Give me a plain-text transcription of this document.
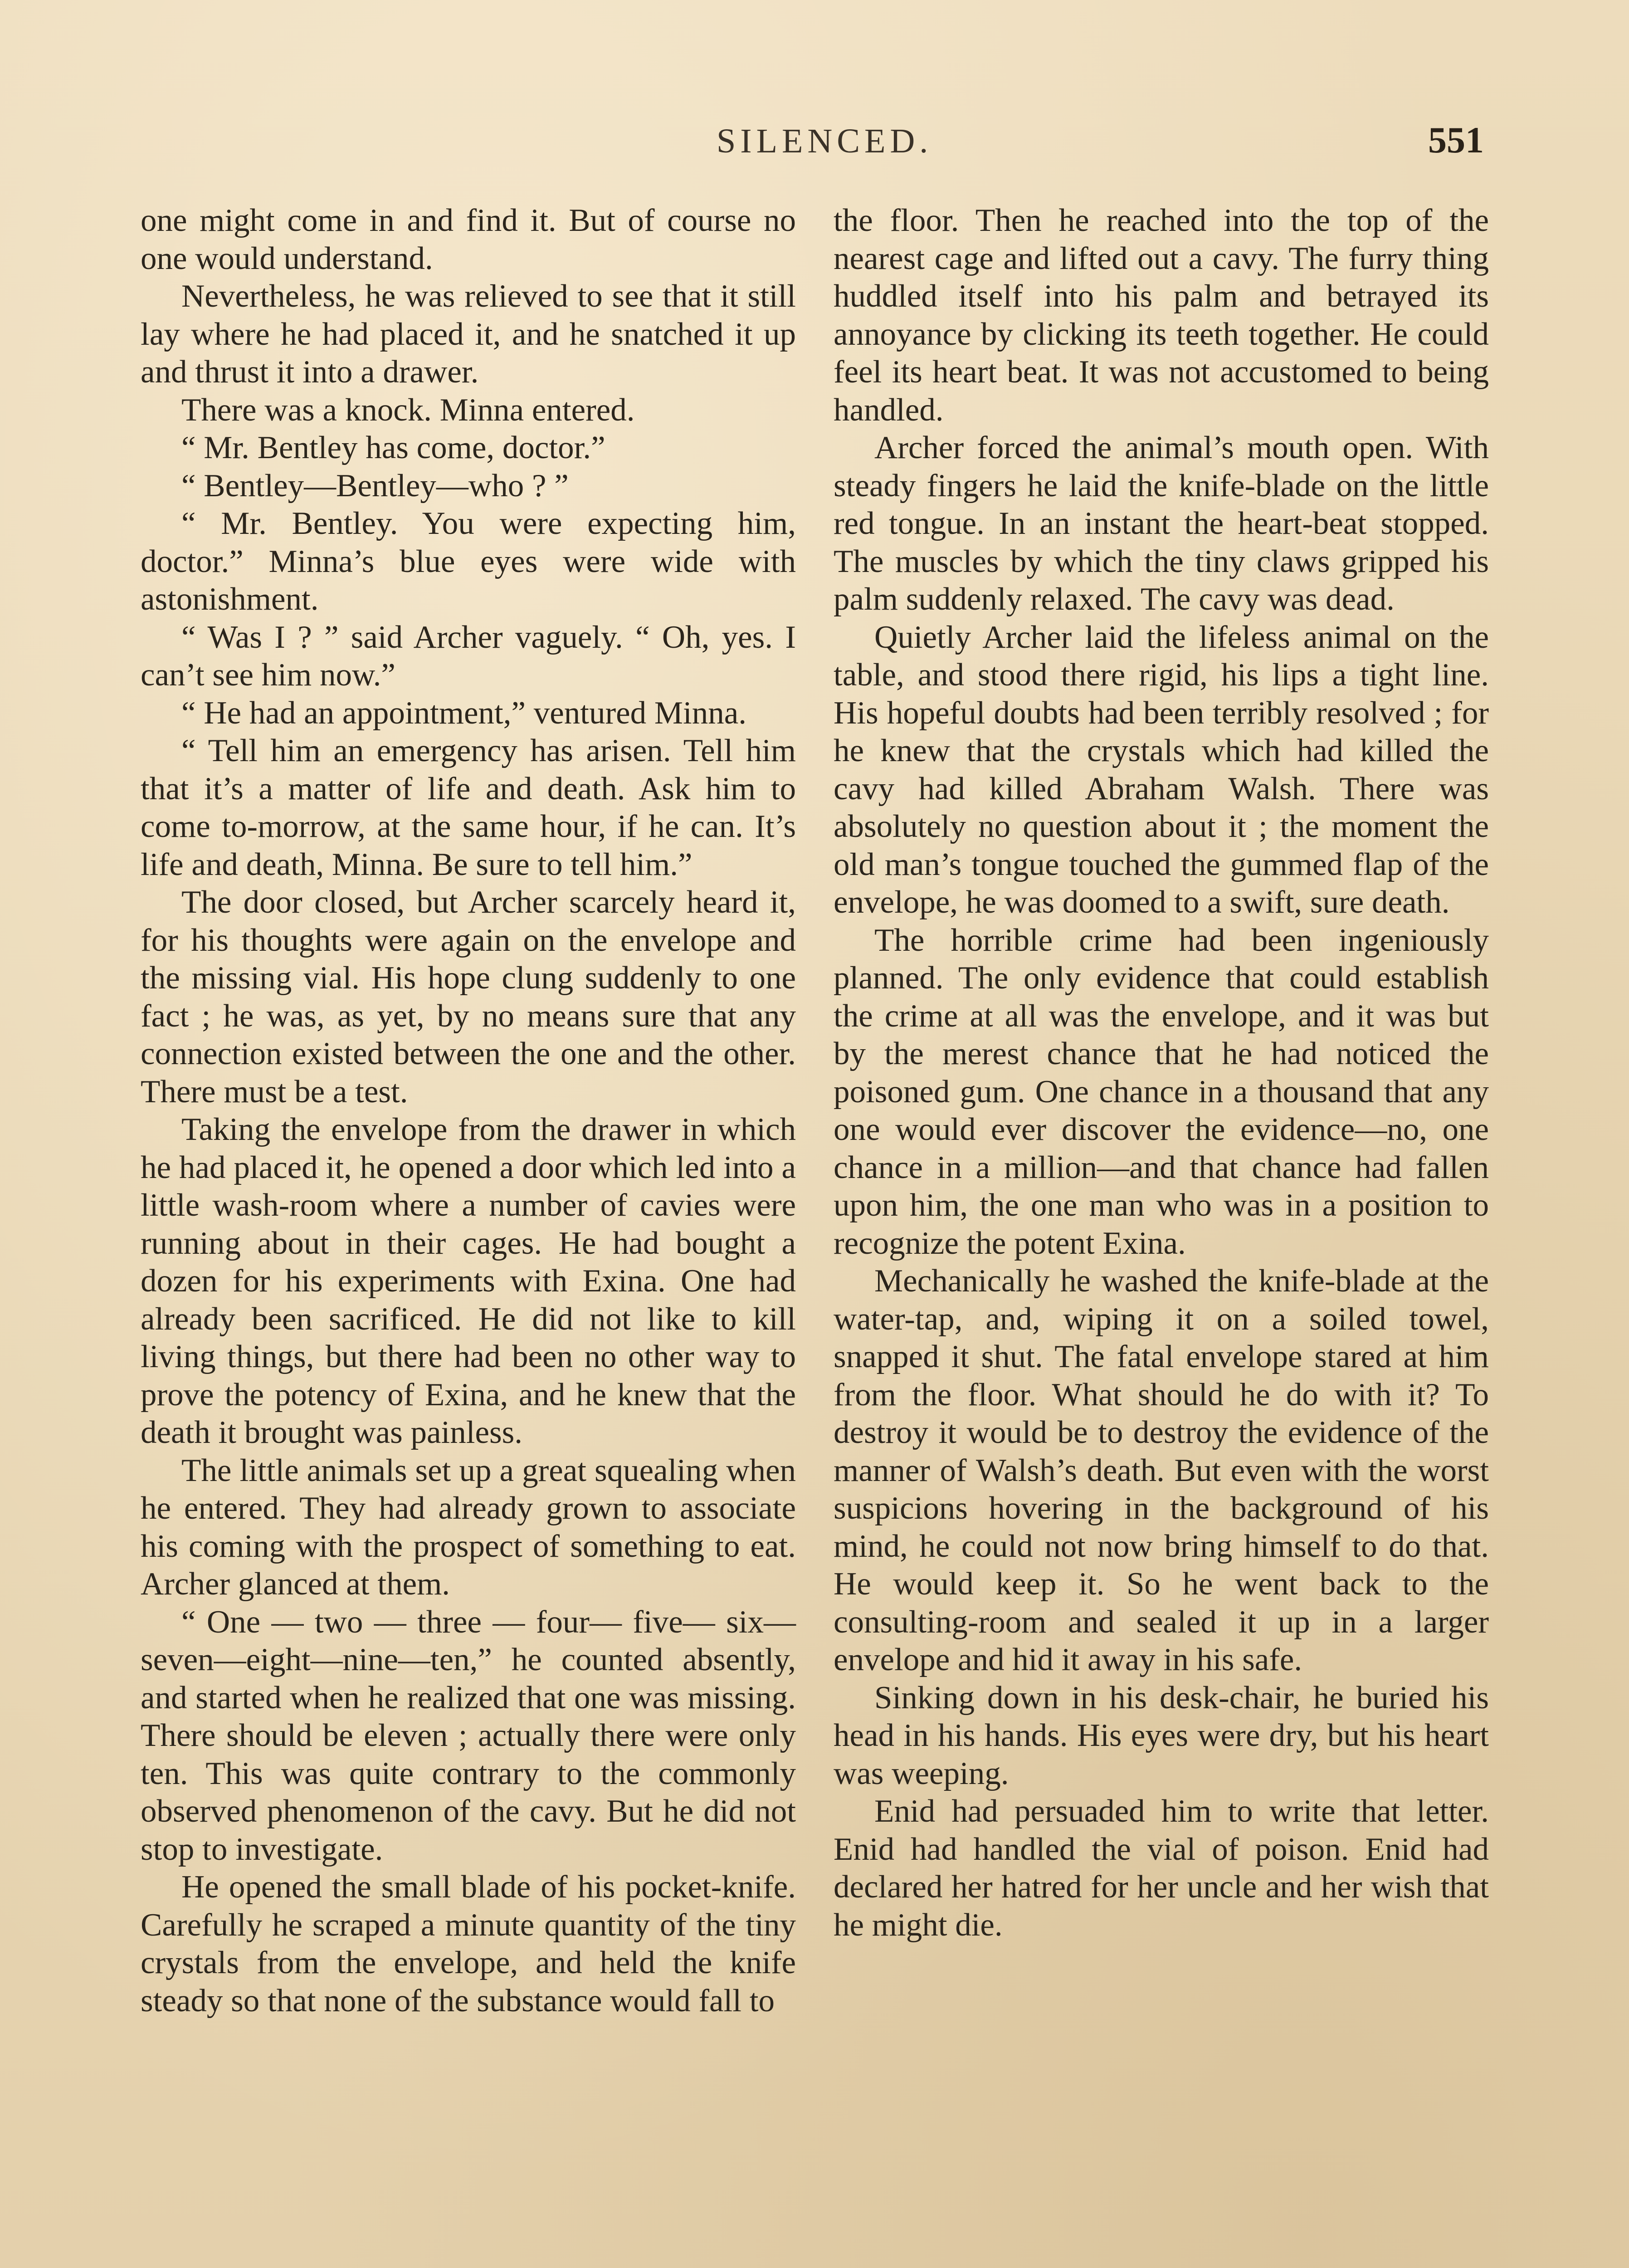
SILENCED.	551

one might come in and find it. But of course no one would understand.

Nevertheless, he was relieved to see that it still lay where he had placed it, and he snatched it up and thrust it into a drawer.

There was a knock. Minna entered.

“ Mr. Bentley has come, doctor.”

“ Bentley—Bentley—who ? ”

“ Mr. Bentley. You were expecting him, doctor.” Minna’s blue eyes were wide with astonishment.

“ Was I ? ” said Archer vaguely. “ Oh, yes. I can’t see him now.”

“ He had an appointment,” ventured Minna.

“ Tell him an emergency has arisen. Tell him that it’s a matter of life and death. Ask him to come to-morrow, at the same hour, if he can. It’s life and death, Minna. Be sure to tell him.”

The door closed, but Archer scarcely heard it, for his thoughts were again on the envelope and the missing vial. His hope clung suddenly to one fact ; he was, as yet, by no means sure that any connection existed between the one and the other. There must be a test.

Taking the envelope from the drawer in which he had placed it, he opened a door which led into a little wash-room where a number of cavies were running about in their cages. He had bought a dozen for his experiments with Exina. One had already been sacrificed. He did not like to kill living things, but there had been no other way to prove the potency of Exina, and he knew that the death it brought was painless.

The little animals set up a great squealing when he entered. They had already grown to associate his coming with the prospect of something to eat. Archer glanced at them.

“ One — two — three — four— five— six—seven—eight—nine—ten,” he counted absently, and started when he realized that one was missing. There should be eleven ; actually there were only ten. This was quite contrary to the commonly observed phenomenon of the cavy. But he did not stop to investigate.

He opened the small blade of his pocket-knife. Carefully he scraped a minute quantity of the tiny crystals from the envelope, and held the knife steady so that none of the substance would fall to

the floor. Then he reached into the top of the nearest cage and lifted out a cavy. The furry thing huddled itself into his palm and betrayed its annoyance by clicking its teeth together. He could feel its heart beat. It was not accustomed to being handled.

Archer forced the animal’s mouth open. With steady fingers he laid the knife-blade on the little red tongue. In an instant the heart-beat stopped. The muscles by which the tiny claws gripped his palm suddenly relaxed. The cavy was dead.

Quietly Archer laid the lifeless animal on the table, and stood there rigid, his lips a tight line. His hopeful doubts had been terribly resolved ; for he knew that the crystals which had killed the cavy had killed Abraham Walsh. There was absolutely no question about it ; the moment the old man’s tongue touched the gummed flap of the envelope, he was doomed to a swift, sure death.

The horrible crime had been ingeniously planned. The only evidence that could establish the crime at all was the envelope, and it was but by the merest chance that he had noticed the poisoned gum. One chance in a thousand that any one would ever discover the evidence—no, one chance in a million—and that chance had fallen upon him, the one man who was in a position to recognize the potent Exina.

Mechanically he washed the knife-blade at the water-tap, and, wiping it on a soiled towel, snapped it shut. The fatal envelope stared at him from the floor. What should he do with it? To destroy it would be to destroy the evidence of the manner of Walsh’s death. But even with the worst suspicions hovering in the background of his mind, he could not now bring himself to do that. He would keep it. So he went back to the consulting-room and sealed it up in a larger envelope and hid it away in his safe.

Sinking down in his desk-chair, he buried his head in his hands. His eyes were dry, but his heart was weeping.

Enid had persuaded him to write that letter. Enid had handled the vial of poison. Enid had declared her hatred for her uncle and her wish that he might die.
